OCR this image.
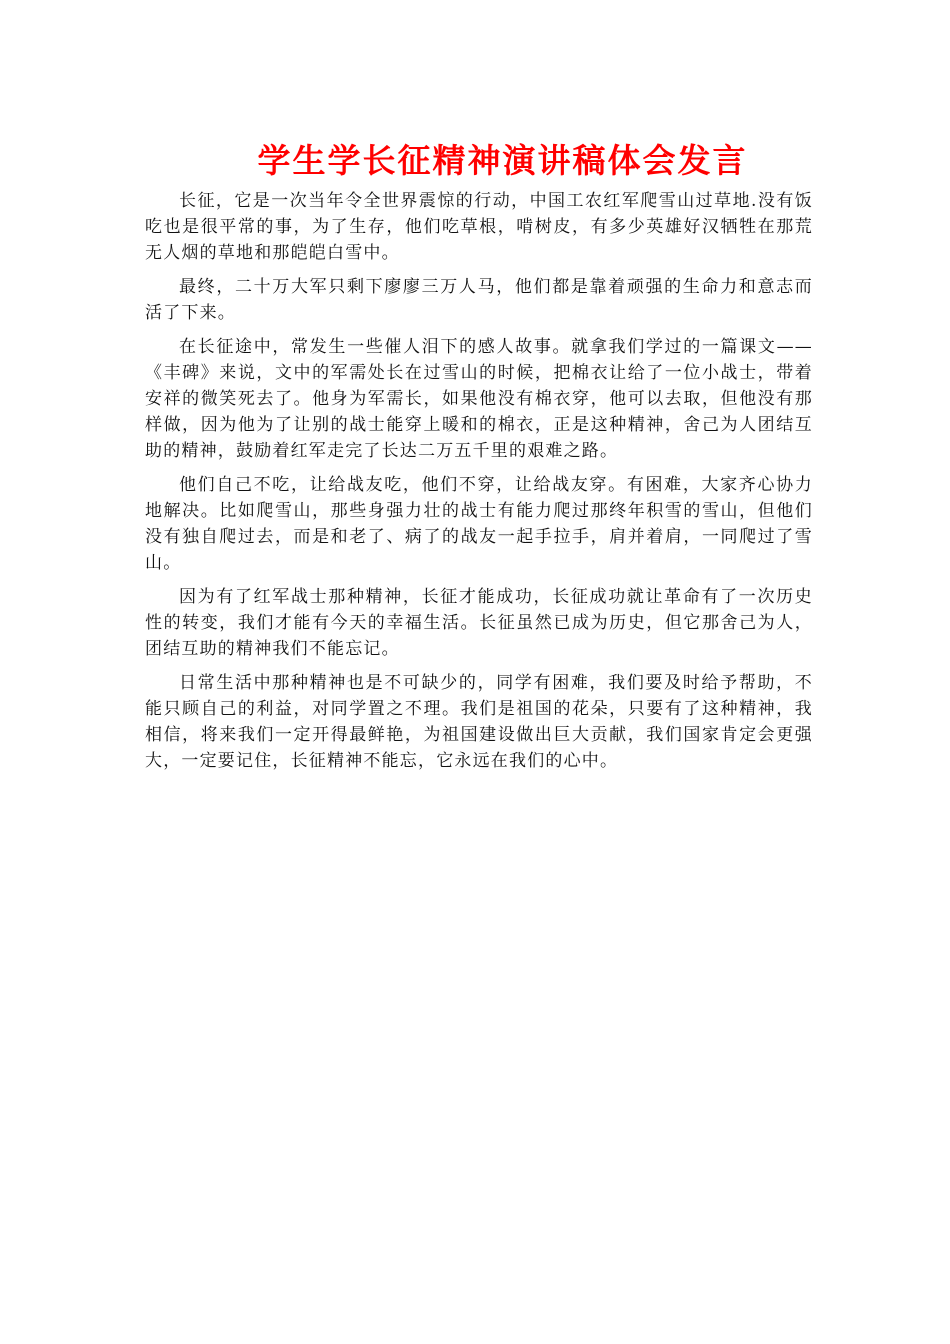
学生学长征精神演讲稿体会发言

长征，它是一次当年令全世界震惊的行动，中国工农红军爬雪山过草地.没有饭吃也是很平常的事，为了生存，他们吃草根，啃树皮，有多少英雄好汉牺牲在那荒无人烟的草地和那皑皑白雪中。

最终，二十万大军只剩下廖廖三万人马，他们都是靠着顽强的生命力和意志而活了下来。

在长征途中，常发生一些催人泪下的感人故事。就拿我们学过的一篇课文——《丰碑》来说，文中的军需处长在过雪山的时候，把棉衣让给了一位小战士，带着安祥的微笑死去了。他身为军需长，如果他没有棉衣穿，他可以去取，但他没有那样做，因为他为了让别的战士能穿上暖和的棉衣，正是这种精神，舍己为人团结互助的精神，鼓励着红军走完了长达二万五千里的艰难之路。

他们自己不吃，让给战友吃，他们不穿，让给战友穿。有困难，大家齐心协力地解决。比如爬雪山，那些身强力壮的战士有能力爬过那终年积雪的雪山，但他们没有独自爬过去，而是和老了、病了的战友一起手拉手，肩并着肩，一同爬过了雪山。

因为有了红军战士那种精神，长征才能成功，长征成功就让革命有了一次历史性的转变，我们才能有今天的幸福生活。长征虽然已成为历史，但它那舍己为人，团结互助的精神我们不能忘记。

日常生活中那种精神也是不可缺少的，同学有困难，我们要及时给予帮助，不能只顾自己的利益，对同学置之不理。我们是祖国的花朵，只要有了这种精神，我相信，将来我们一定开得最鲜艳，为祖国建设做出巨大贡献，我们国家肯定会更强大，一定要记住，长征精神不能忘，它永远在我们的心中。
